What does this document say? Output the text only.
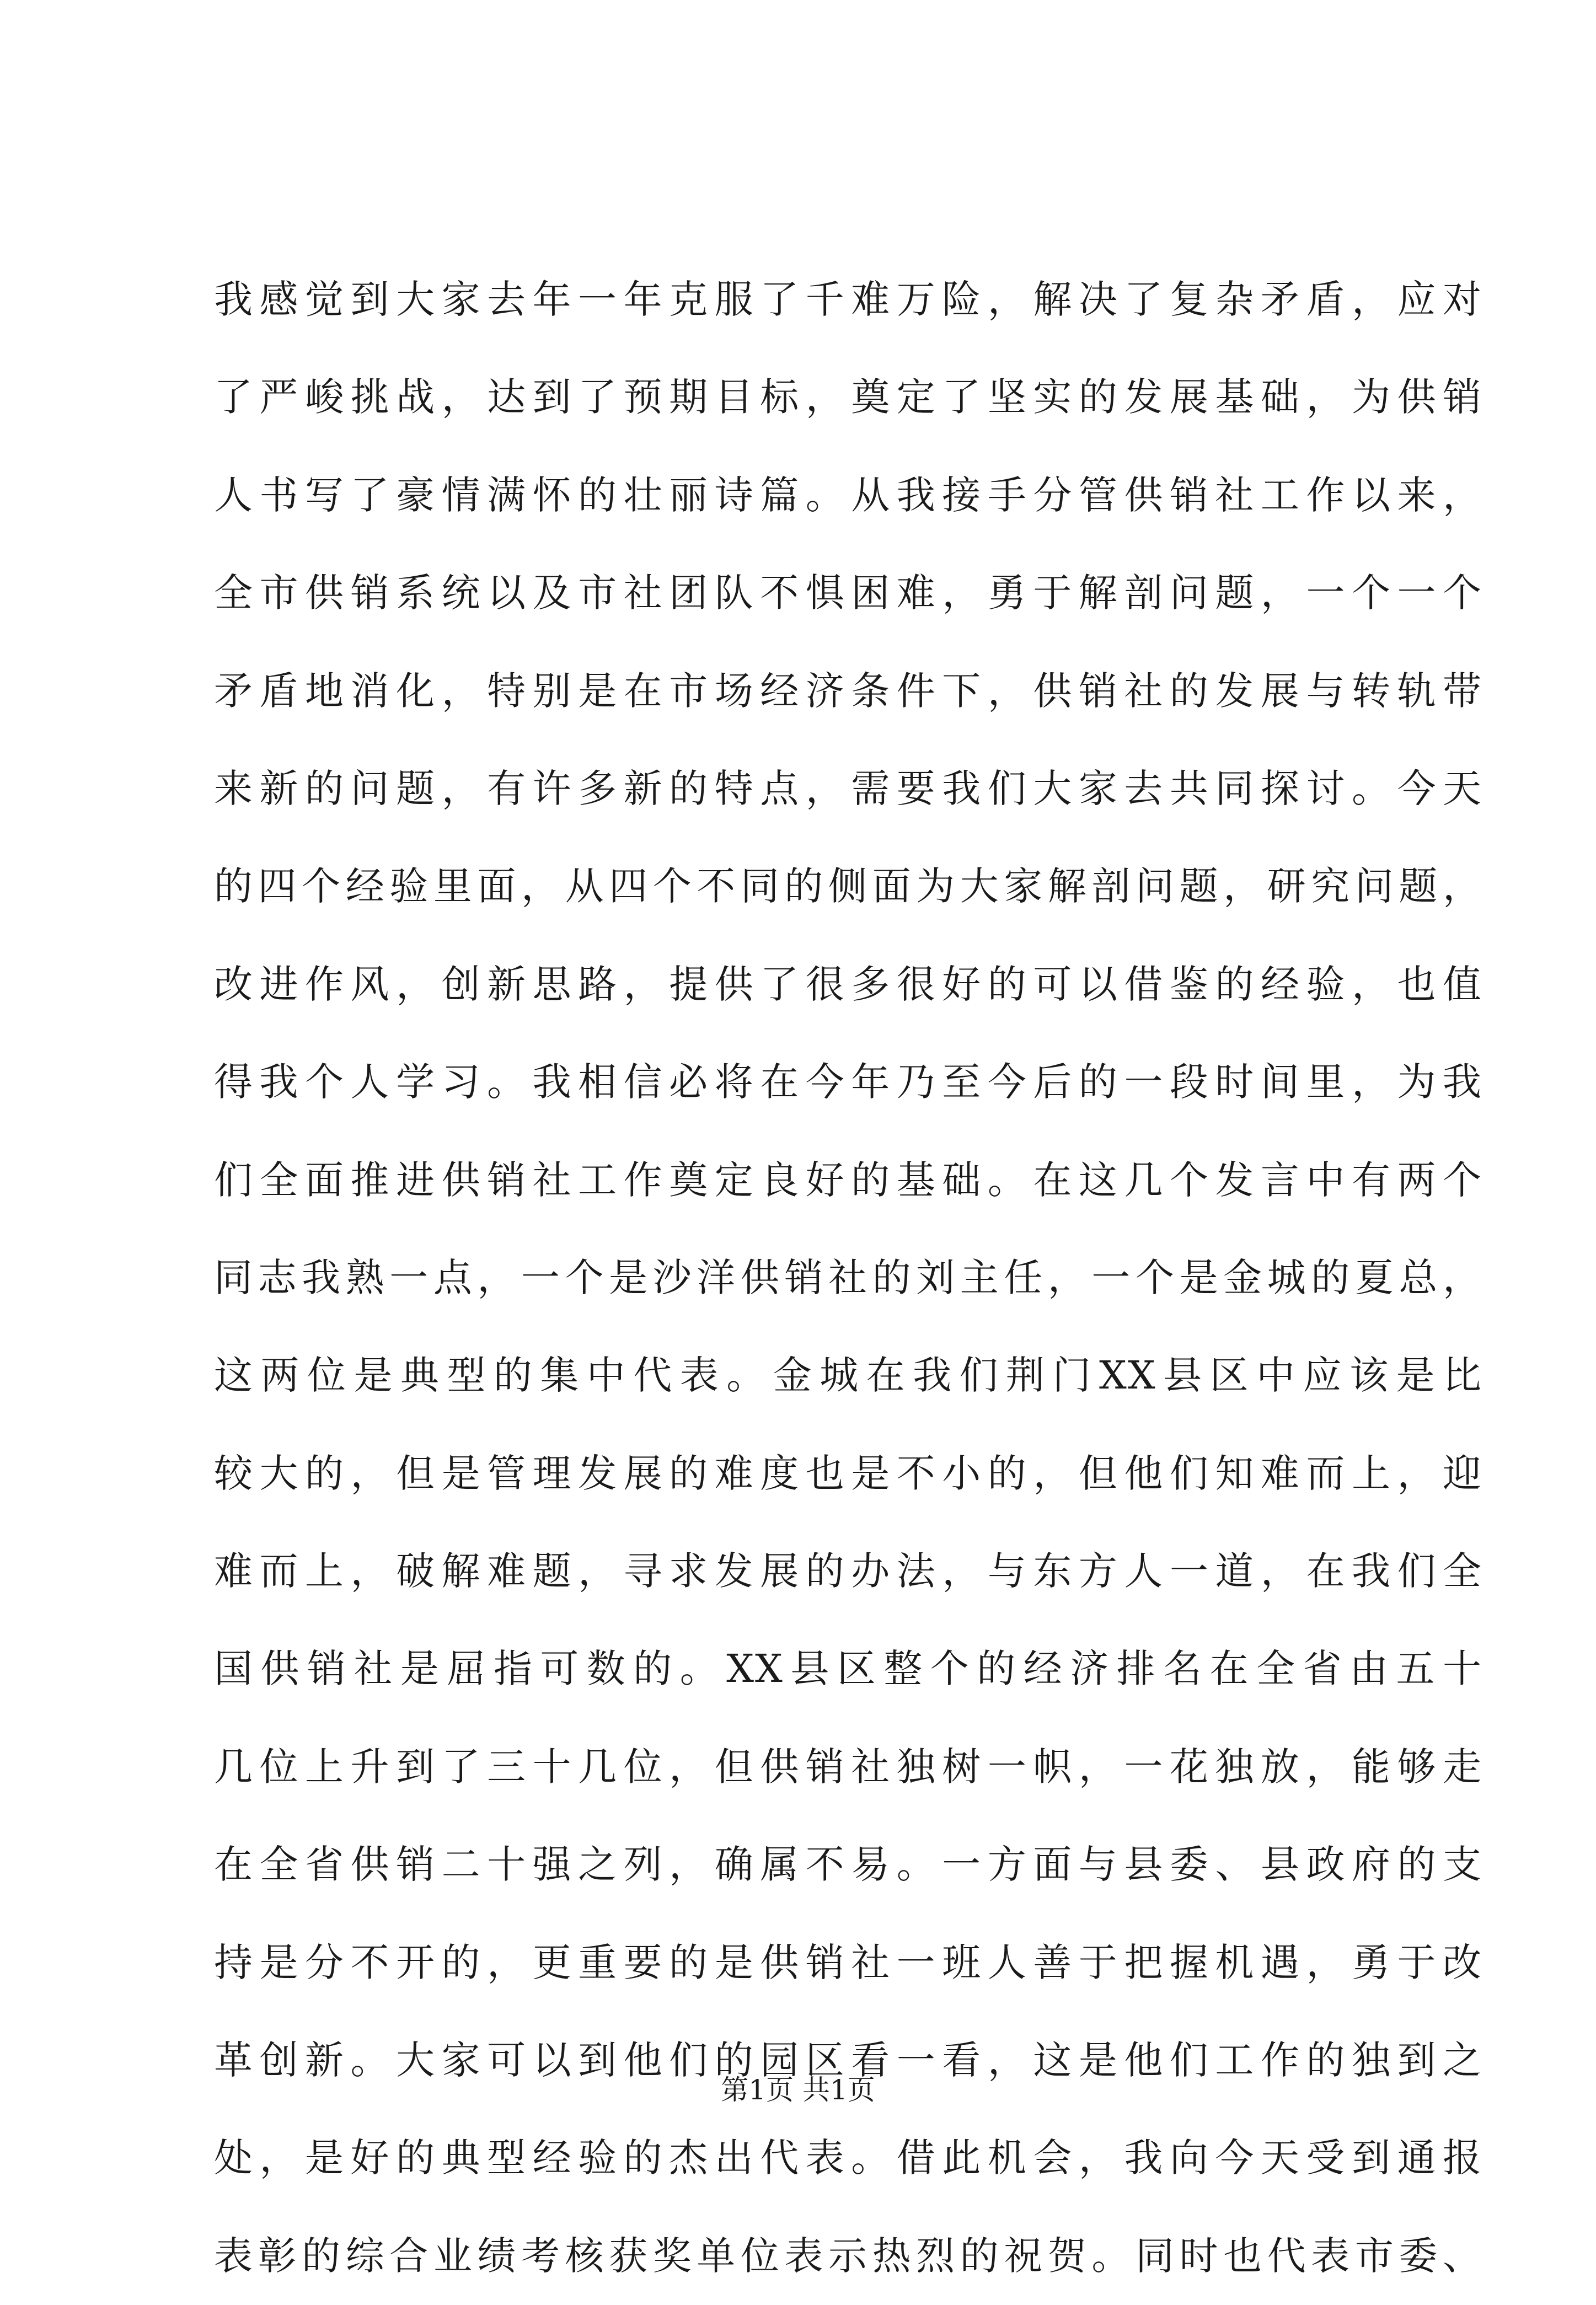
我感觉到大家去年一年克服了千难万险，解决了复杂矛盾，应对
了严峻挑战，达到了预期目标，奠定了坚实的发展基础，为供销
人书写了豪情满怀的壮丽诗篇。从我接手分管供销社工作以来，
全市供销系统以及市社团队不惧困难，勇于解剖问题，一个一个
矛盾地消化，特别是在市场经济条件下，供销社的发展与转轨带
来新的问题，有许多新的特点，需要我们大家去共同探讨。今天
的四个经验里面，从四个不同的侧面为大家解剖问题，研究问题，
改进作风，创新思路，提供了很多很好的可以借鉴的经验，也值
得我个人学习。我相信必将在今年乃至今后的一段时间里，为我
们全面推进供销社工作奠定良好的基础。在这几个发言中有两个
同志我熟一点，一个是沙洋供销社的刘主任，一个是金城的夏总，
这两位是典型的集中代表。金城在我们荆门XX县区中应该是比
较大的，但是管理发展的难度也是不小的，但他们知难而上，迎
难而上，破解难题，寻求发展的办法，与东方人一道，在我们全
国供销社是屈指可数的。XX县区整个的经济排名在全省由五十
几位上升到了三十几位，但供销社独树一帜，一花独放，能够走
在全省供销二十强之列，确属不易。一方面与县委、县政府的支
持是分不开的，更重要的是供销社一班人善于把握机遇，勇于改
革创新。大家可以到他们的园区看一看，这是他们工作的独到之
处，是好的典型经验的杰出代表。借此机会，我向今天受到通报
表彰的综合业绩考核获奖单位表示热烈的祝贺。同时也代表市委、
第1页 共1页
